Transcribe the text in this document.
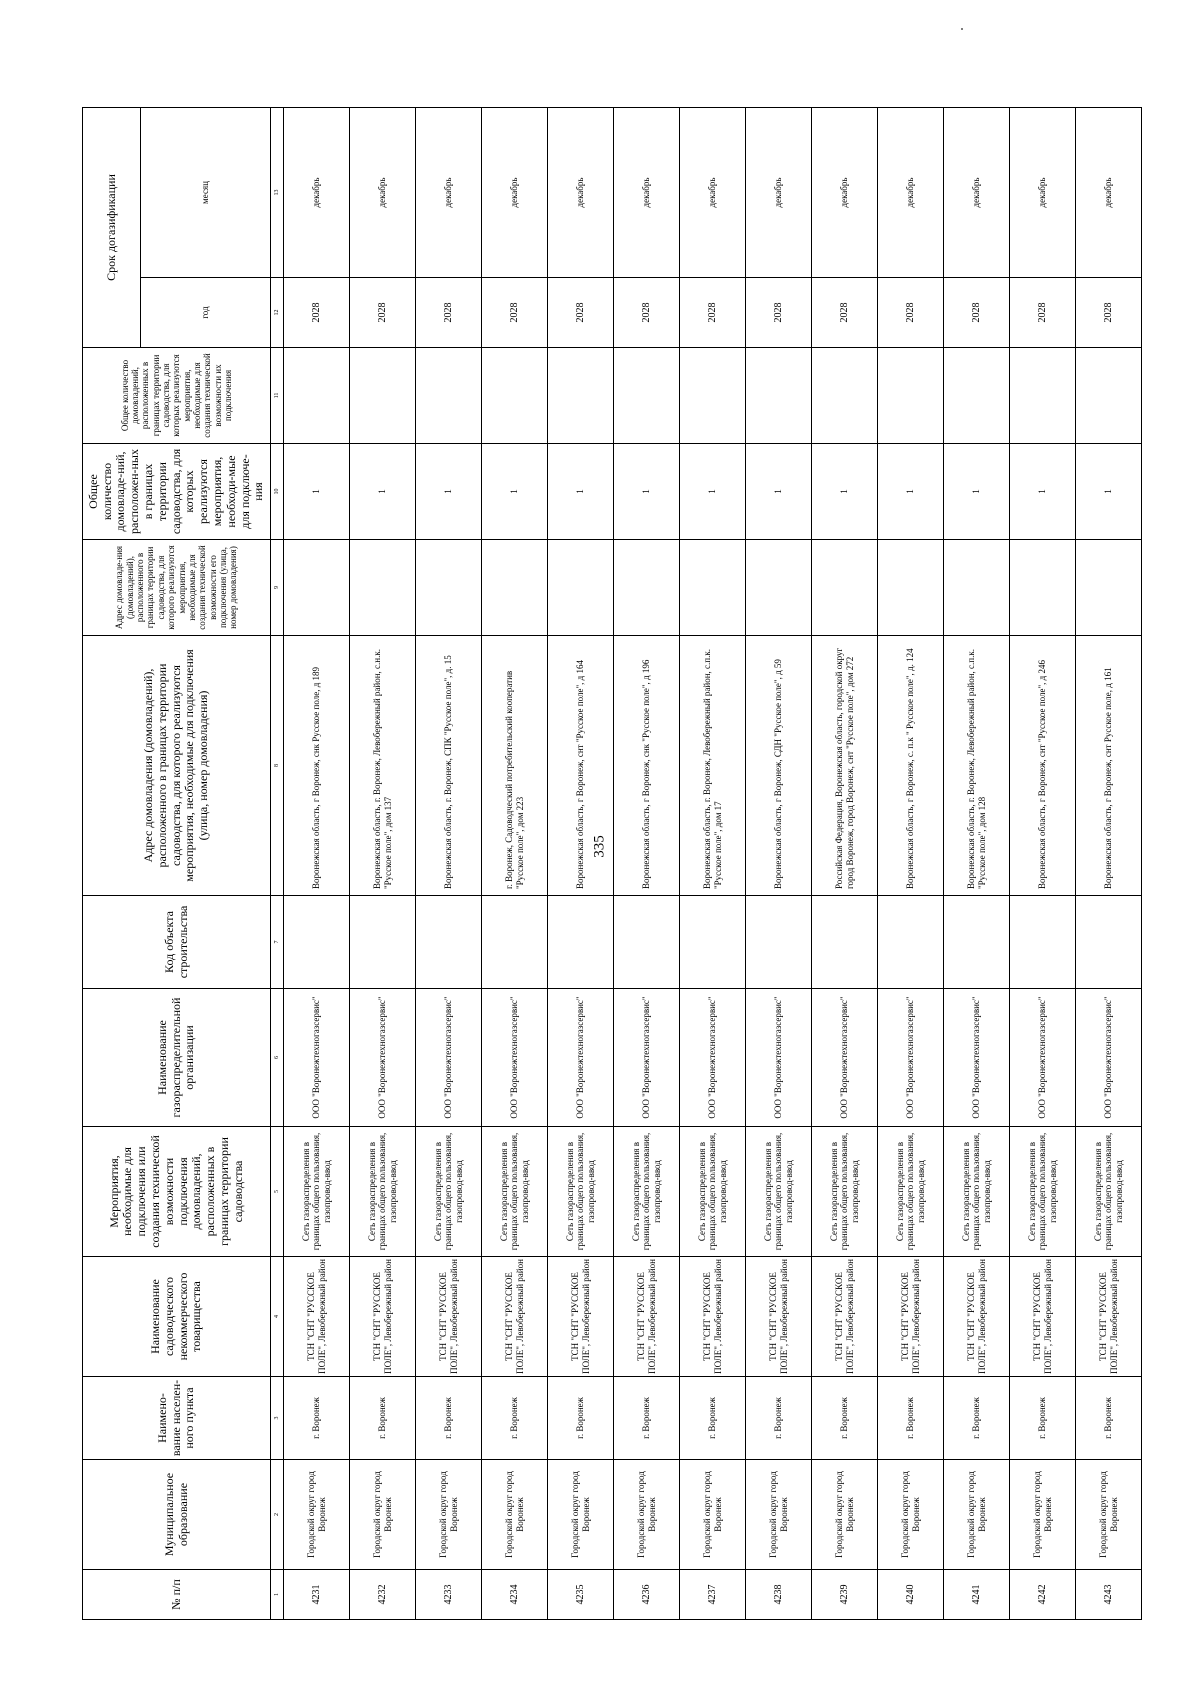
335
№ п/п	Муниципальное образование	Наимено-вание населен-ного пункта	Наименование садоводческого некоммерческого товарищества	Мероприятия, необходимые для подключения или создания технической возможности подключения домовладений, расположенных в границах территории садоводства	Наименование газораспределительной организации	Код объекта строительства	Адрес домовладения (домовладений), расположенного в границах территории садоводства, для которого реализуются мероприятия, необходимые для подключения (улица, номер домовладения)	Адрес домовладе-ния (домовладений), расположенного в границах территории садоводства, для которого реализуются мероприятия, необходимые для создания технической возможности его подключения (улица, номер домовладения)	Общее количество домовладе-ний, расположен-ных в границах территории садоводства, для которых реализуются мероприятия, необходи-мые для подключе-ния	Общее количество домовладений, расположенных в границах территории садоводства, для которых реализуются мероприятия, необходимые для создания технической возможности их подключения	Срок догазификации	
											год	месяц
1	2	3	4	5	6	7	8	9	10	11	12	13
4231	Городской округ город Воронеж	г. Воронеж	ТСН "СНТ "РУССКОЕ ПОЛЕ", Левобережный район	Сеть газораспределения в границах общего пользования, газопровод-ввод	ООО "Воронежтехногазсервис"		Воронежская область, г Воронеж, снк Русское поле, д 189		1		2028	декабрь
4232	Городской округ город Воронеж	г. Воронеж	ТСН "СНТ "РУССКОЕ ПОЛЕ", Левобережный район	Сеть газораспределения в границах общего пользования, газопровод-ввод	ООО "Воронежтехногазсервис"		Воронежская область, г. Воронеж, Левобережный район, с.н.к. "Русское поле", дом 137		1		2028	декабрь
4233	Городской округ город Воронеж	г. Воронеж	ТСН "СНТ "РУССКОЕ ПОЛЕ", Левобережный район	Сеть газораспределения в границах общего пользования, газопровод-ввод	ООО "Воронежтехногазсервис"		Воронежская область, г. Воронеж, СПК "Русское поле", д. 15		1		2028	декабрь
4234	Городской округ город Воронеж	г. Воронеж	ТСН "СНТ "РУССКОЕ ПОЛЕ", Левобережный район	Сеть газораспределения в границах общего пользования, газопровод-ввод	ООО "Воронежтехногазсервис"		г. Воронеж, Садоводческий потребительский кооператив "Русское поле", дом 223		1		2028	декабрь
4235	Городской округ город Воронеж	г. Воронеж	ТСН "СНТ "РУССКОЕ ПОЛЕ", Левобережный район	Сеть газораспределения в границах общего пользования, газопровод-ввод	ООО "Воронежтехногазсервис"		Воронежская область, г Воронеж, снт "Русское поле", д 164		1		2028	декабрь
4236	Городской округ город Воронеж	г. Воронеж	ТСН "СНТ "РУССКОЕ ПОЛЕ", Левобережный район	Сеть газораспределения в границах общего пользования, газопровод-ввод	ООО "Воронежтехногазсервис"		Воронежская область, г Воронеж, снк "Русское поле", д 196		1		2028	декабрь
4237	Городской округ город Воронеж	г. Воронеж	ТСН "СНТ "РУССКОЕ ПОЛЕ", Левобережный район	Сеть газораспределения в границах общего пользования, газопровод-ввод	ООО "Воронежтехногазсервис"		Воронежская область, г. Воронеж, Левобережный район, с.п.к. "Русское поле", дом 17		1		2028	декабрь
4238	Городской округ город Воронеж	г. Воронеж	ТСН "СНТ "РУССКОЕ ПОЛЕ", Левобережный район	Сеть газораспределения в границах общего пользования, газопровод-ввод	ООО "Воронежтехногазсервис"		Воронежская область, г Воронеж, СДН "Русское поле", д 59		1		2028	декабрь
4239	Городской округ город Воронеж	г. Воронеж	ТСН "СНТ "РУССКОЕ ПОЛЕ", Левобережный район	Сеть газораспределения в границах общего пользования, газопровод-ввод	ООО "Воронежтехногазсервис"		Российская Федерация, Воронежская область, городской округ город Воронеж, город Воронеж, снт "Русское поле", дом 272		1		2028	декабрь
4240	Городской округ город Воронеж	г. Воронеж	ТСН "СНТ "РУССКОЕ ПОЛЕ", Левобережный район	Сеть газораспределения в границах общего пользования, газопровод-ввод	ООО "Воронежтехногазсервис"		Воронежская область, г Воронеж, с. п.к " Русское поле", д. 124		1		2028	декабрь
4241	Городской округ город Воронеж	г. Воронеж	ТСН "СНТ "РУССКОЕ ПОЛЕ", Левобережный район	Сеть газораспределения в границах общего пользования, газопровод-ввод	ООО "Воронежтехногазсервис"		Воронежская область, г. Воронеж, Левобережный район, с.п.к. "Русское поле", дом 128		1		2028	декабрь
4242	Городской округ город Воронеж	г. Воронеж	ТСН "СНТ "РУССКОЕ ПОЛЕ", Левобережный район	Сеть газораспределения в границах общего пользования, газопровод-ввод	ООО "Воронежтехногазсервис"		Воронежская область, г Воронеж, снт "Русское поле", д 246		1		2028	декабрь
4243	Городской округ город Воронеж	г. Воронеж	ТСН "СНТ "РУССКОЕ ПОЛЕ", Левобережный район	Сеть газораспределения в границах общего пользования, газопровод-ввод	ООО "Воронежтехногазсервис"		Воронежская область, г Воронеж, снт Русское поле, д 161		1		2028	декабрь
